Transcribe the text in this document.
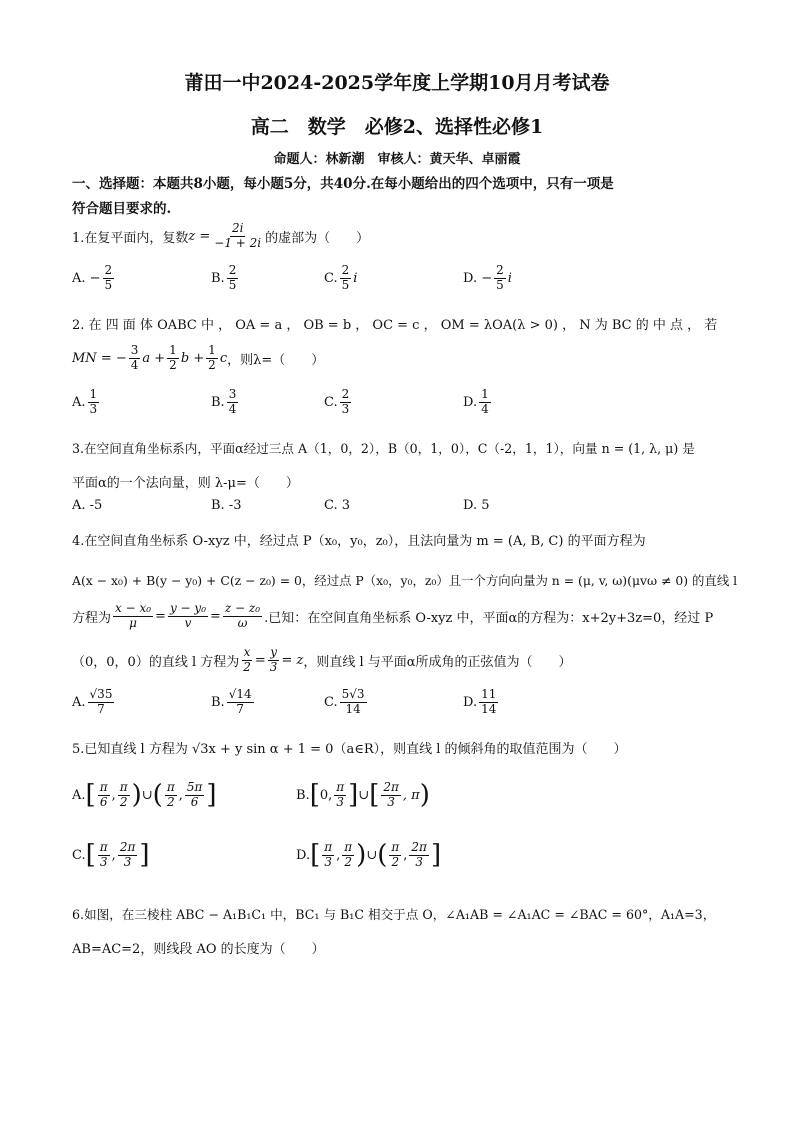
莆田一中2024-2025学年度上学期10月月考试卷
高二　数学　必修2、选择性必修1
命题人：林新潮　审核人：黄天华、卓丽霞
一、选择题：本题共8小题，每小题5分，共40分.在每小题给出的四个选项中，只有一项是
符合题目要求的.
1.在复平面内，复数 $z = \frac{2i}{-1 + 2i}$ 的虚部为（　　）
A. − $\frac{2}{5}$	B. $\frac{2}{5}$	C. $\frac{2}{5}$ i	D. − $\frac{2}{5}$ i
2. 在 四 面 体 OABC 中 ， OA = a ， OB = b ， OC = c ， OM = λOA(λ > 0) ， N 为 BC 的 中 点 ， 若
MN = − $\frac{3}{4}$ $a + \frac{1}{2}$ $b + \frac{1}{2}$ c ，则λ=（　　）
A. $\frac{1}{3}$	B. $\frac{3}{4}$	C. $\frac{2}{3}$	D. $\frac{1}{4}$
3.在空间直角坐标系内，平面α经过三点 A（1，0，2），B（0，1，0），C（-2，1，1），向量 n = (1, λ, μ) 是
平面α的一个法向量，则 λ-μ=（　　）
A. -5	B. -3	C. 3	D. 5
4.在空间直角坐标系 O-xyz 中，经过点 P（x₀，y₀，z₀），且法向量为 m = (A, B, C) 的平面方程为
A(x − x₀) + B(y − y₀) + C(z − z₀) = 0，经过点 P（x₀，y₀，z₀）且一个方向向量为 n = (μ, v, ω)(μvω ≠ 0) 的直线 l
方程为 $\frac{\text{x − x₀}}{\mu} = \frac{\text{y − y₀}}{v} = \frac{\text{z − z₀}}{\omega}$ .已知：在空间直角坐标系 O-xyz 中，平面α的方程为：x+2y+3z=0，经过 P
（0，0，0）的直线 l 方程为 $\frac{x}{2} = \frac{y}{3} = z$ ，则直线 l 与平面α所成角的正弦值为（　　）
A. $\frac{√35}{7}$	B. $\frac{√14}{7}$	C. $\frac{5√3}{14}$	D. $\frac{11}{14}$
5.已知直线 l 方程为 √3x + y sin α + 1 = 0（a∈R），则直线 l 的倾斜角的取值范围为（　　）
A. [ $\frac{\pi}{6}$ , $\frac{\pi}{2}$ ) ∪ ( $\frac{\pi}{2}$ , $\frac{5\pi}{6}$ ]	B. [ 0, $\frac{\pi}{3}$ ] ∪ [ $\frac{2\pi}{3}$ , π )
C. [ $\frac{\pi}{3}$ , $\frac{2\pi}{3}$ ]	D. [ $\frac{\pi}{3}$ , $\frac{\pi}{2}$ ) ∪ ( $\frac{\pi}{2}$ , $\frac{2\pi}{3}$ ]
6.如图，在三棱柱 ABC − A₁B₁C₁ 中，BC₁ 与 B₁C 相交于点 O，∠A₁AB = ∠A₁AC = ∠BAC = 60°，A₁A=3，
AB=AC=2，则线段 AO 的长度为（　　）
